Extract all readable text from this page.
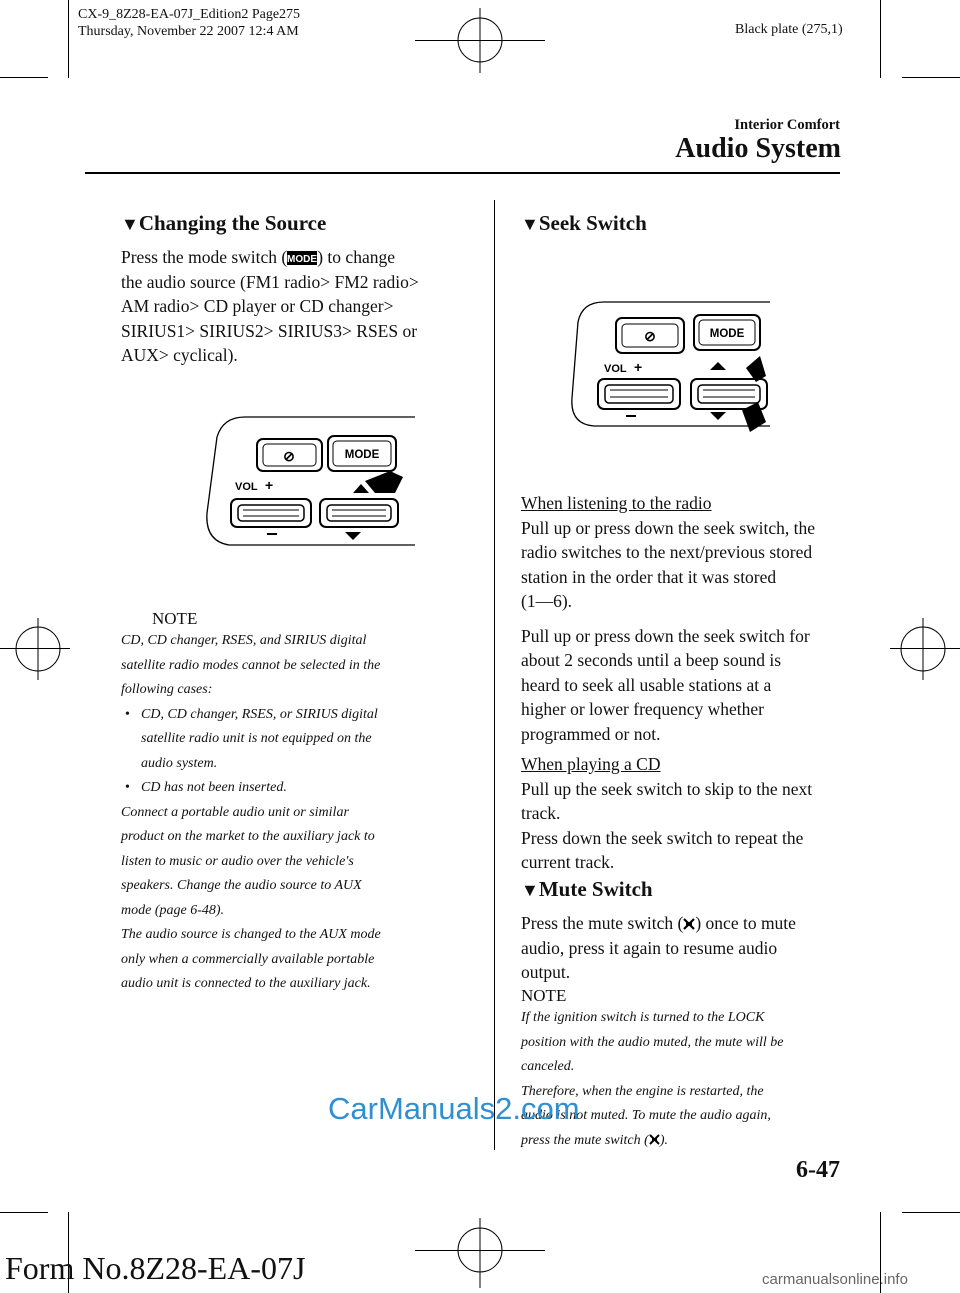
CX-9_8Z28-EA-07J_Edition2 Page275
Thursday, November 22 2007 12:4 AM	Black plate (275,1)
Interior Comfort
Audio System
▼Changing the Source
Press the mode switch ( MODE ) to change
the audio source (FM1 radio> FM2 radio>
AM radio> CD player or CD changer>
SIRIUS1> SIRIUS2> SIRIUS3> RSES or
AUX> cyclical).
⊘	MODE
VOL +
NOTE
CD, CD changer, RSES, and SIRIUS digital
satellite radio modes cannot be selected in the
following cases:
• CD, CD changer, RSES, or SIRIUS digital
satellite radio unit is not equipped on the
audio system.
• CD has not been inserted.
Connect a portable audio unit or similar
product on the market to the auxiliary jack to
listen to music or audio over the vehicle's
speakers. Change the audio source to AUX
mode (page 6-48).
The audio source is changed to the AUX mode
only when a commercially available portable
audio unit is connected to the auxiliary jack.
▼Seek Switch
⊘	MODE
VOL +
When listening to the radio
Pull up or press down the seek switch, the
radio switches to the next/previous stored
station in the order that it was stored
(1―6).
Pull up or press down the seek switch for
about 2 seconds until a beep sound is
heard to seek all usable stations at a
higher or lower frequency whether
programmed or not.
When playing a CD
Pull up the seek switch to skip to the next
track.
Press down the seek switch to repeat the
current track.
▼Mute Switch
Press the mute switch ( ) once to mute
audio, press it again to resume audio
output.
NOTE
If the ignition switch is turned to the LOCK
position with the audio muted, the mute will be
canceled.
Therefore, when the engine is restarted, the
audio is not muted. To mute the audio again,
press the mute switch ( ).
6-47
Form No.8Z28-EA-07J
CarManuals2.com
carmanualsonline.info
